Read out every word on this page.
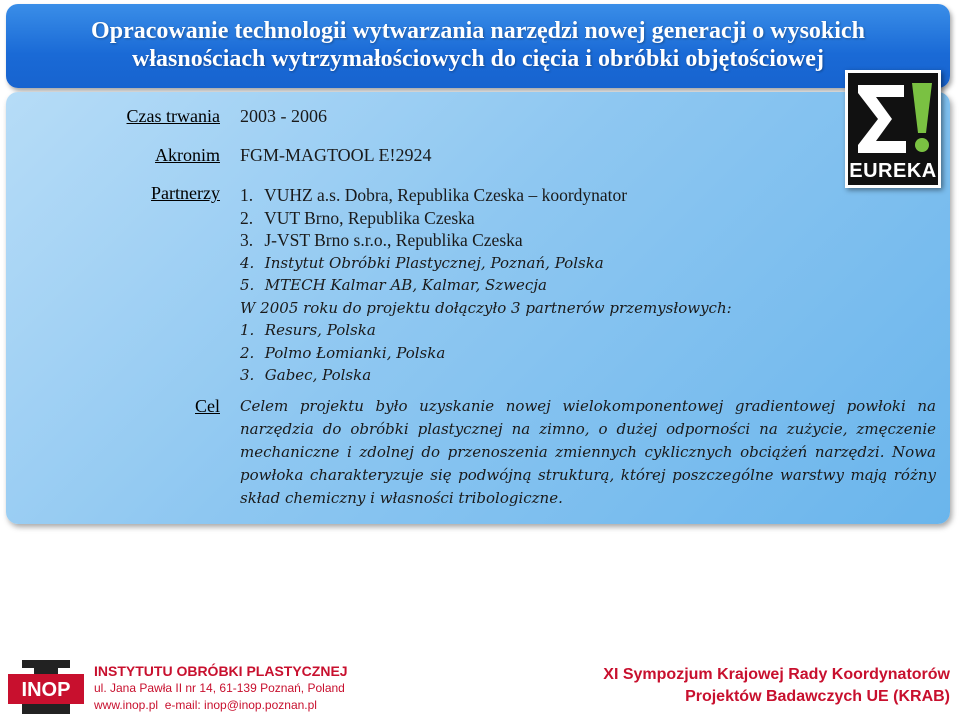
Opracowanie technologii wytwarzania narzędzi nowej generacji o wysokich
własnościach wytrzymałościowych do cięcia i obróbki objętościowej
Czas trwania 2003 - 2006
Akronim FGM-MAGTOOL E!2924
Partnerzy 1. VUHZ a.s. Dobra, Republika Czeska – koordynator
2. VUT Brno, Republika Czeska
3. J-VST Brno s.r.o., Republika Czeska
4. Instytut Obróbki Plastycznej, Poznań, Polska
5. MTECH Kalmar AB, Kalmar, Szwecja
W 2005 roku do projektu dołączyło 3 partnerów przemysłowych:
1. Resurs, Polska
2. Polmo Łomianki, Polska
3. Gabec, Polska
Cel Celem projektu było uzyskanie nowej wielokomponentowej gradientowej powłoki na narzędzia do obróbki plastycznej na zimno, o dużej odporności na zużycie, zmęczenie mechaniczne i zdolnej do przenoszenia zmiennych cyklicznych obciążeń narzędzi. Nowa powłoka charakteryzuje się podwójną strukturą, której poszczególne warstwy mają różny skład chemiczny i własności tribologiczne.
EUREKA
INOP
INSTYTUTU OBRÓBKI PLASTYCZNEJ
ul. Jana Pawła II nr 14, 61-139 Poznań, Poland
www.inop.pl  e-mail: inop@inop.poznan.pl
XI Sympozjum Krajowej Rady Koordynatorów
Projektów Badawczych UE (KRAB)
